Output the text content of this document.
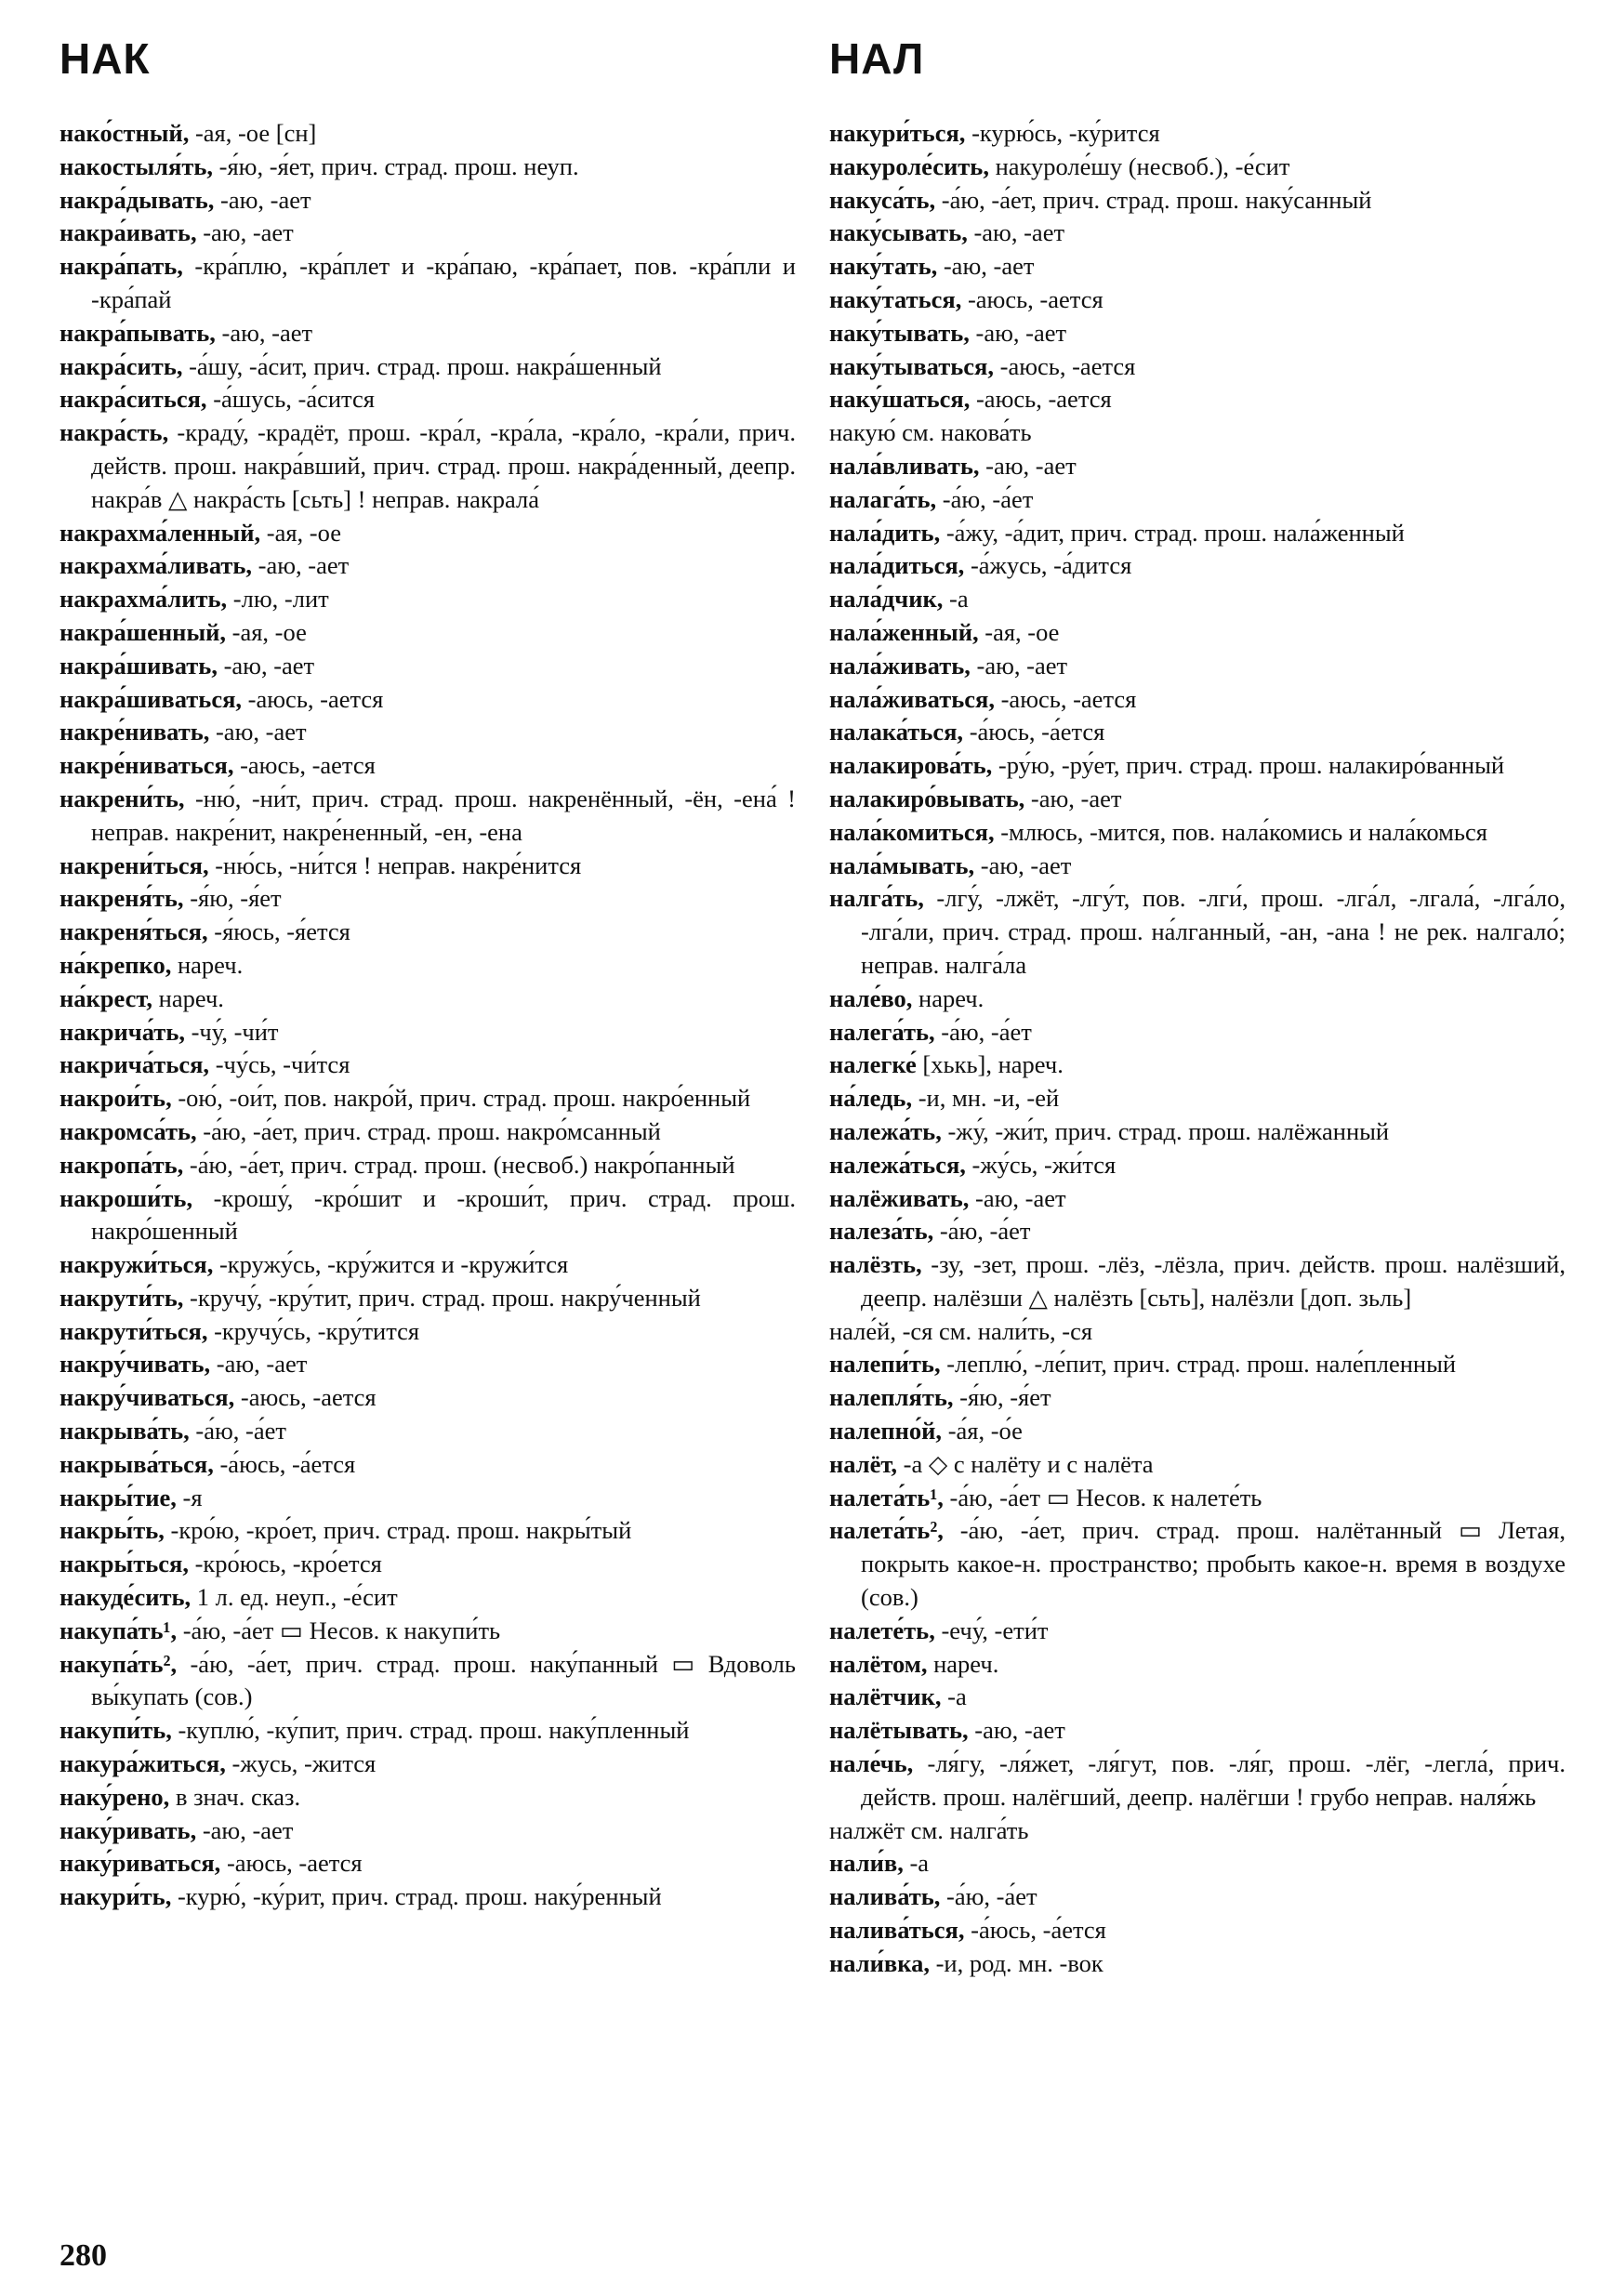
НАК	НАЛ
нако́стный, -ая, -ое [сн]
накостыля́ть, -я́ю, -я́ет, прич. страд. прош. неуп.
накра́дывать, -аю, -ает
накра́ивать, -аю, -ает
накра́пать, -кра́плю, -кра́плет и -кра́паю, -кра́пает, пов. -кра́пли и -кра́пай
накра́пывать, -аю, -ает
накра́сить, -а́шу, -а́сит, прич. страд. прош. накра́шенный
накра́ситься, -а́шусь, -а́сится
накра́сть, -краду́, -крадёт, прош. -кра́л, -кра́ла, -кра́ло, -кра́ли, прич. действ. прош. накра́вший, прич. страд. прош. накра́денный, деепр. накра́в △ накра́сть [сьть] ! неправ. накрала́
накрахма́ленный, -ая, -ое
накрахма́ливать, -аю, -ает
накрахма́лить, -лю, -лит
накра́шенный, -ая, -ое
накра́шивать, -аю, -ает
накра́шиваться, -аюсь, -ается
накре́нивать, -аю, -ает
накре́ниваться, -аюсь, -ается
накрени́ть, -ню́, -ни́т, прич. страд. прош. накренённый, -ён, -ена́ ! неправ. накре́нит, накре́ненный, -ен, -ена
накрени́ться, -ню́сь, -ни́тся ! неправ. накре́нится
накреня́ть, -я́ю, -я́ет
накреня́ться, -я́юсь, -я́ется
на́крепко, нареч.
на́крест, нареч.
накрича́ть, -чу́, -чи́т
накрича́ться, -чу́сь, -чи́тся
накрои́ть, -ою́, -ои́т, пов. накро́й, прич. страд. прош. накро́енный
накромса́ть, -а́ю, -а́ет, прич. страд. прош. накро́мсанный
накропа́ть, -а́ю, -а́ет, прич. страд. прош. (несвоб.) накро́панный
накроши́ть, -крошу́, -кро́шит и -кроши́т, прич. страд. прош. накро́шенный
накружи́ться, -кружу́сь, -кру́жится и -кружи́тся
накрути́ть, -кручу́, -кру́тит, прич. страд. прош. накру́ченный
накрути́ться, -кручу́сь, -кру́тится
накру́чивать, -аю, -ает
накру́чиваться, -аюсь, -ается
накрыва́ть, -а́ю, -а́ет
накрыва́ться, -а́юсь, -а́ется
накры́тие, -я
накры́ть, -кро́ю, -кро́ет, прич. страд. прош. накры́тый
накры́ться, -кро́юсь, -кро́ется
накуде́сить, 1 л. ед. неуп., -е́сит
накупа́ть¹, -а́ю, -а́ет ▭ Несов. к накупи́ть
накупа́ть², -а́ю, -а́ет, прич. страд. прош. наку́панный ▭ Вдоволь вы́купать (сов.)
накупи́ть, -куплю́, -ку́пит, прич. страд. прош. наку́пленный
накура́житься, -жусь, -жится
наку́рено, в знач. сказ.
наку́ривать, -аю, -ает
наку́риваться, -аюсь, -ается
накури́ть, -курю́, -ку́рит, прич. страд. прош. наку́ренный
накури́ться, -курю́сь, -ку́рится
накуроле́сить, накуроле́шу (несвоб.), -е́сит
накуса́ть, -а́ю, -а́ет, прич. страд. прош. наку́санный
наку́сывать, -аю, -ает
наку́тать, -аю, -ает
наку́таться, -аюсь, -ается
наку́тывать, -аю, -ает
наку́тываться, -аюсь, -ается
наку́шаться, -аюсь, -ается
накую́ см. накова́ть
нала́вливать, -аю, -ает
налага́ть, -а́ю, -а́ет
нала́дить, -а́жу, -а́дит, прич. страд. прош. нала́женный
нала́диться, -а́жусь, -а́дится
нала́дчик, -а
нала́женный, -ая, -ое
нала́живать, -аю, -ает
нала́живаться, -аюсь, -ается
налака́ться, -а́юсь, -а́ется
налакирова́ть, -ру́ю, -ру́ет, прич. страд. прош. налакиро́ванный
налакиро́вывать, -аю, -ает
нала́комиться, -млюсь, -мится, пов. нала́комись и нала́комься
нала́мывать, -аю, -ает
налга́ть, -лгу́, -лжёт, -лгу́т, пов. -лги́, прош. -лга́л, -лгала́, -лга́ло, -лга́ли, прич. страд. прош. на́лганный, -ан, -ана ! не рек. налгало́; неправ. налга́ла
нале́во, нареч.
налега́ть, -а́ю, -а́ет
налегке́ [хькь], нареч.
на́ледь, -и, мн. -и, -ей
належа́ть, -жу́, -жи́т, прич. страд. прош. налёжанный
належа́ться, -жу́сь, -жи́тся
налёживать, -аю, -ает
налеза́ть, -а́ю, -а́ет
налёзть, -зу, -зет, прош. -лёз, -лёзла, прич. действ. прош. налёзший, деепр. налёзши △ налёзть [сьть], налёзли [доп. зьль]
нале́й, -ся см. нали́ть, -ся
налепи́ть, -леплю́, -ле́пит, прич. страд. прош. нале́пленный
налепля́ть, -я́ю, -я́ет
налепно́й, -а́я, -о́е
налёт, -а ◇ с налёту и с налёта
налета́ть¹, -а́ю, -а́ет ▭ Несов. к налете́ть
налета́ть², -а́ю, -а́ет, прич. страд. прош. налётанный ▭ Летая, покрыть какое-н. пространство; пробыть какое-н. время в воздухе (сов.)
налете́ть, -ечу́, -ети́т
налётом, нареч.
налётчик, -а
налётывать, -аю, -ает
нале́чь, -ля́гу, -ля́жет, -ля́гут, пов. -ля́г, прош. -лёг, -легла́, прич. действ. прош. налёгший, деепр. налёгши ! грубо неправ. наля́жь
налжёт см. налга́ть
нали́в, -а
налива́ть, -а́ю, -а́ет
налива́ться, -а́юсь, -а́ется
нали́вка, -и, род. мн. -вок
280
